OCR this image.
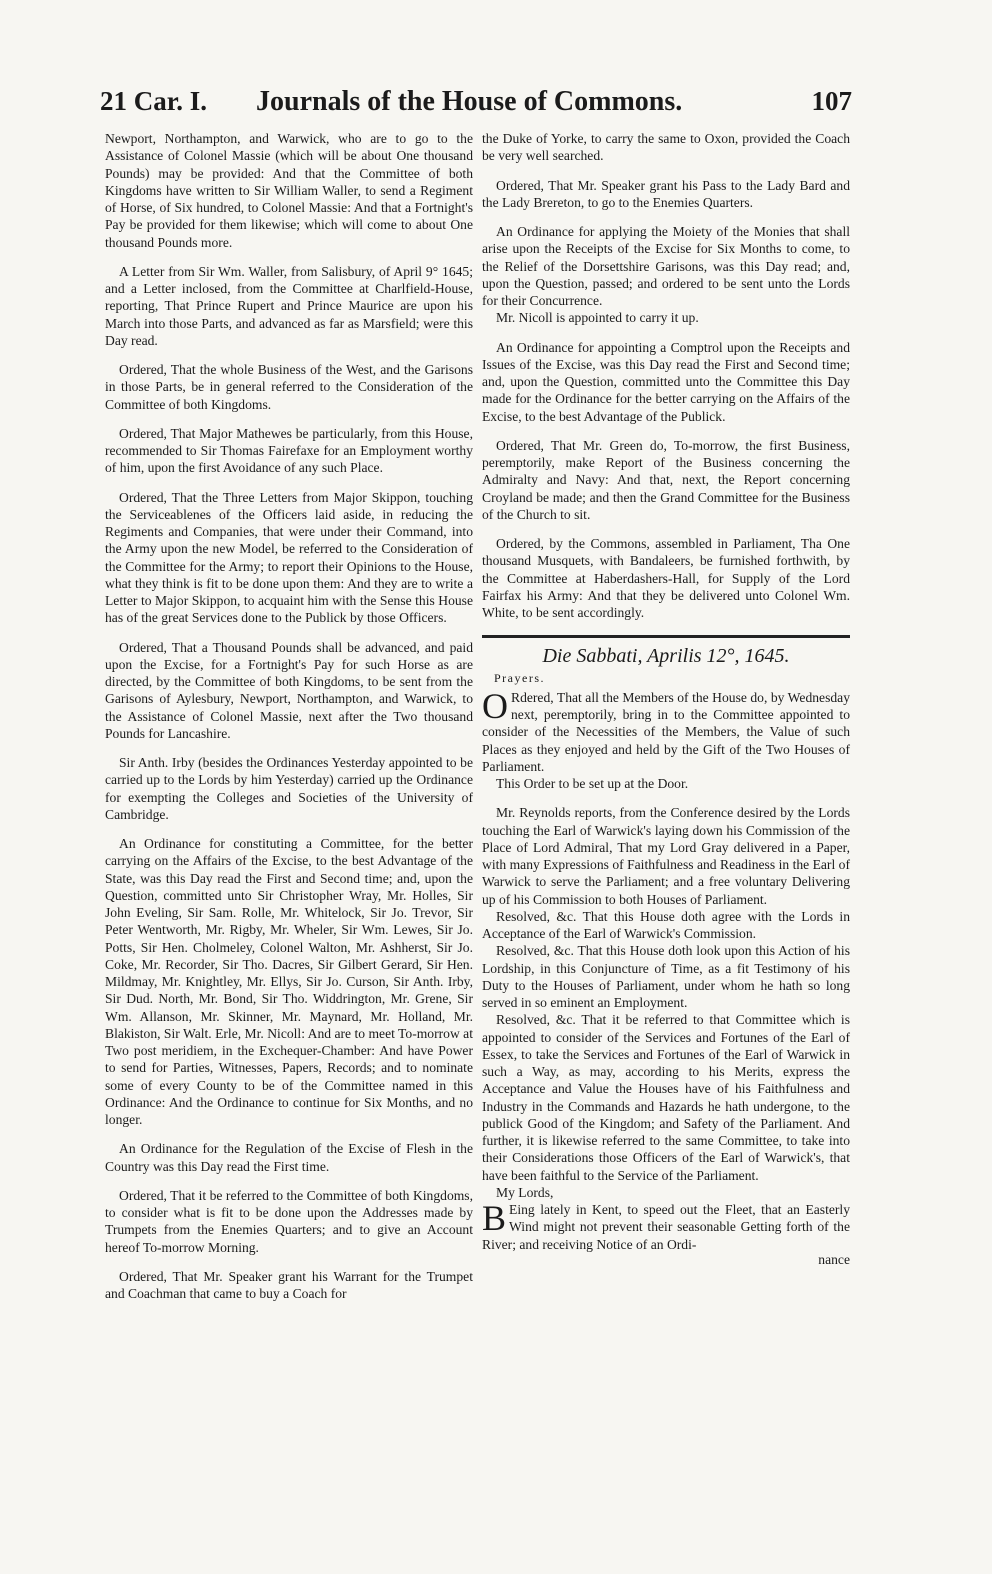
21 Car. I. Journals of the House of Commons.	107

Newport, Northampton, and Warwick, who are to go to the Assistance of Colonel Massie (which will be about One thousand Pounds) may be provided: And that the Committee of both Kingdoms have written to Sir William Waller, to send a Regiment of Horse, of Six hundred, to Colonel Massie: And that a Fortnight's Pay be provided for them likewise; which will come to about One thousand Pounds more.

A Letter from Sir Wm. Waller, from Salisbury, of April 9° 1645; and a Letter inclosed, from the Committee at Charlfield-House, reporting, That Prince Rupert and Prince Maurice are upon his March into those Parts, and advanced as far as Marsfield; were this Day read.

Ordered, That the whole Business of the West, and the Garisons in those Parts, be in general referred to the Consideration of the Committee of both Kingdoms.

Ordered, That Major Mathewes be particularly, from this House, recommended to Sir Thomas Fairefaxe for an Employment worthy of him, upon the first Avoidance of any such Place.

Ordered, That the Three Letters from Major Skippon, touching the Serviceablenes of the Officers laid aside, in reducing the Regiments and Companies, that were under their Command, into the Army upon the new Model, be referred to the Consideration of the Committee for the Army; to report their Opinions to the House, what they think is fit to be done upon them: And they are to write a Letter to Major Skippon, to acquaint him with the Sense this House has of the great Services done to the Publick by those Officers.

Ordered, That a Thousand Pounds shall be advanced, and paid upon the Excise, for a Fortnight's Pay for such Horse as are directed, by the Committee of both Kingdoms, to be sent from the Garisons of Aylesbury, Newport, Northampton, and Warwick, to the Assistance of Colonel Massie, next after the Two thousand Pounds for Lancashire.

Sir Anth. Irby (besides the Ordinances Yesterday appointed to be carried up to the Lords by him Yesterday) carried up the Ordinance for exempting the Colleges and Societies of the University of Cambridge.

An Ordinance for constituting a Committee, for the better carrying on the Affairs of the Excise, to the best Advantage of the State, was this Day read the First and Second time; and, upon the Question, committed unto Sir Christopher Wray, Mr. Holles, Sir John Eveling, Sir Sam. Rolle, Mr. Whitelock, Sir Jo. Trevor, Sir Peter Wentworth, Mr. Rigby, Mr. Wheler, Sir Wm. Lewes, Sir Jo. Potts, Sir Hen. Cholmeley, Colonel Walton, Mr. Ashherst, Sir Jo. Coke, Mr. Recorder, Sir Tho. Dacres, Sir Gilbert Gerard, Sir Hen. Mildmay, Mr. Knightley, Mr. Ellys, Sir Jo. Curson, Sir Anth. Irby, Sir Dud. North, Mr. Bond, Sir Tho. Widdrington, Mr. Grene, Sir Wm. Allanson, Mr. Skinner, Mr. Maynard, Mr. Holland, Mr. Blakiston, Sir Walt. Erle, Mr. Nicoll: And are to meet To-morrow at Two post meridiem, in the Exchequer-Chamber: And have Power to send for Parties, Witnesses, Papers, Records; and to nominate some of every County to be of the Committee named in this Ordinance: And the Ordinance to continue for Six Months, and no longer.

An Ordinance for the Regulation of the Excise of Flesh in the Country was this Day read the First time.

Ordered, That it be referred to the Committee of both Kingdoms, to consider what is fit to be done upon the Addresses made by Trumpets from the Enemies Quarters; and to give an Account hereof To-morrow Morning.

Ordered, That Mr. Speaker grant his Warrant for the Trumpet and Coachman that came to buy a Coach for

the Duke of Yorke, to carry the same to Oxon, provided the Coach be very well searched.

Ordered, That Mr. Speaker grant his Pass to the Lady Bard and the Lady Brereton, to go to the Enemies Quarters.

An Ordinance for applying the Moiety of the Monies that shall arise upon the Receipts of the Excise for Six Months to come, to the Relief of the Dorsettshire Garisons, was this Day read; and, upon the Question, passed; and ordered to be sent unto the Lords for their Concurrence.

Mr. Nicoll is appointed to carry it up.

An Ordinance for appointing a Comptrol upon the Receipts and Issues of the Excise, was this Day read the First and Second time; and, upon the Question, committed unto the Committee this Day made for the Ordinance for the better carrying on the Affairs of the Excise, to the best Advantage of the Publick.

Ordered, That Mr. Green do, To-morrow, the first Business, peremptorily, make Report of the Business concerning the Admiralty and Navy: And that, next, the Report concerning Croyland be made; and then the Grand Committee for the Business of the Church to sit.

Ordered, by the Commons, assembled in Parliament, Tha One thousand Musquets, with Bandaleers, be furnished forthwith, by the Committee at Haberdashers-Hall, for Supply of the Lord Fairfax his Army: And that they be delivered unto Colonel Wm. White, to be sent accordingly.

Die Sabbati, Aprilis 12°, 1645.
Prayers.

O Rdered, That all the Members of the House do, by Wednesday next, peremptorily, bring in to the Committee appointed to consider of the Necessities of the Members, the Value of such Places as they enjoyed and held by the Gift of the Two Houses of Parliament.

This Order to be set up at the Door.

Mr. Reynolds reports, from the Conference desired by the Lords touching the Earl of Warwick's laying down his Commission of the Place of Lord Admiral, That my Lord Gray delivered in a Paper, with many Expressions of Faithfulness and Readiness in the Earl of Warwick to serve the Parliament; and a free voluntary Delivering up of his Commission to both Houses of Parliament.

Resolved, &c. That this House doth agree with the Lords in Acceptance of the Earl of Warwick's Commission.

Resolved, &c. That this House doth look upon this Action of his Lordship, in this Conjuncture of Time, as a fit Testimony of his Duty to the Houses of Parliament, under whom he hath so long served in so eminent an Employment.

Resolved, &c. That it be referred to that Committee which is appointed to consider of the Services and Fortunes of the Earl of Essex, to take the Services and Fortunes of the Earl of Warwick in such a Way, as may, according to his Merits, express the Acceptance and Value the Houses have of his Faithfulness and Industry in the Commands and Hazards he hath undergone, to the publick Good of the Kingdom; and Safety of the Parliament. And further, it is likewise referred to the same Committee, to take into their Considerations those Officers of the Earl of Warwick's, that have been faithful to the Service of the Parliament.

My Lords,

B Eing lately in Kent, to speed out the Fleet, that an Easterly Wind might not prevent their seasonable Getting forth of the River; and receiving Notice of an Ordi-

nance
